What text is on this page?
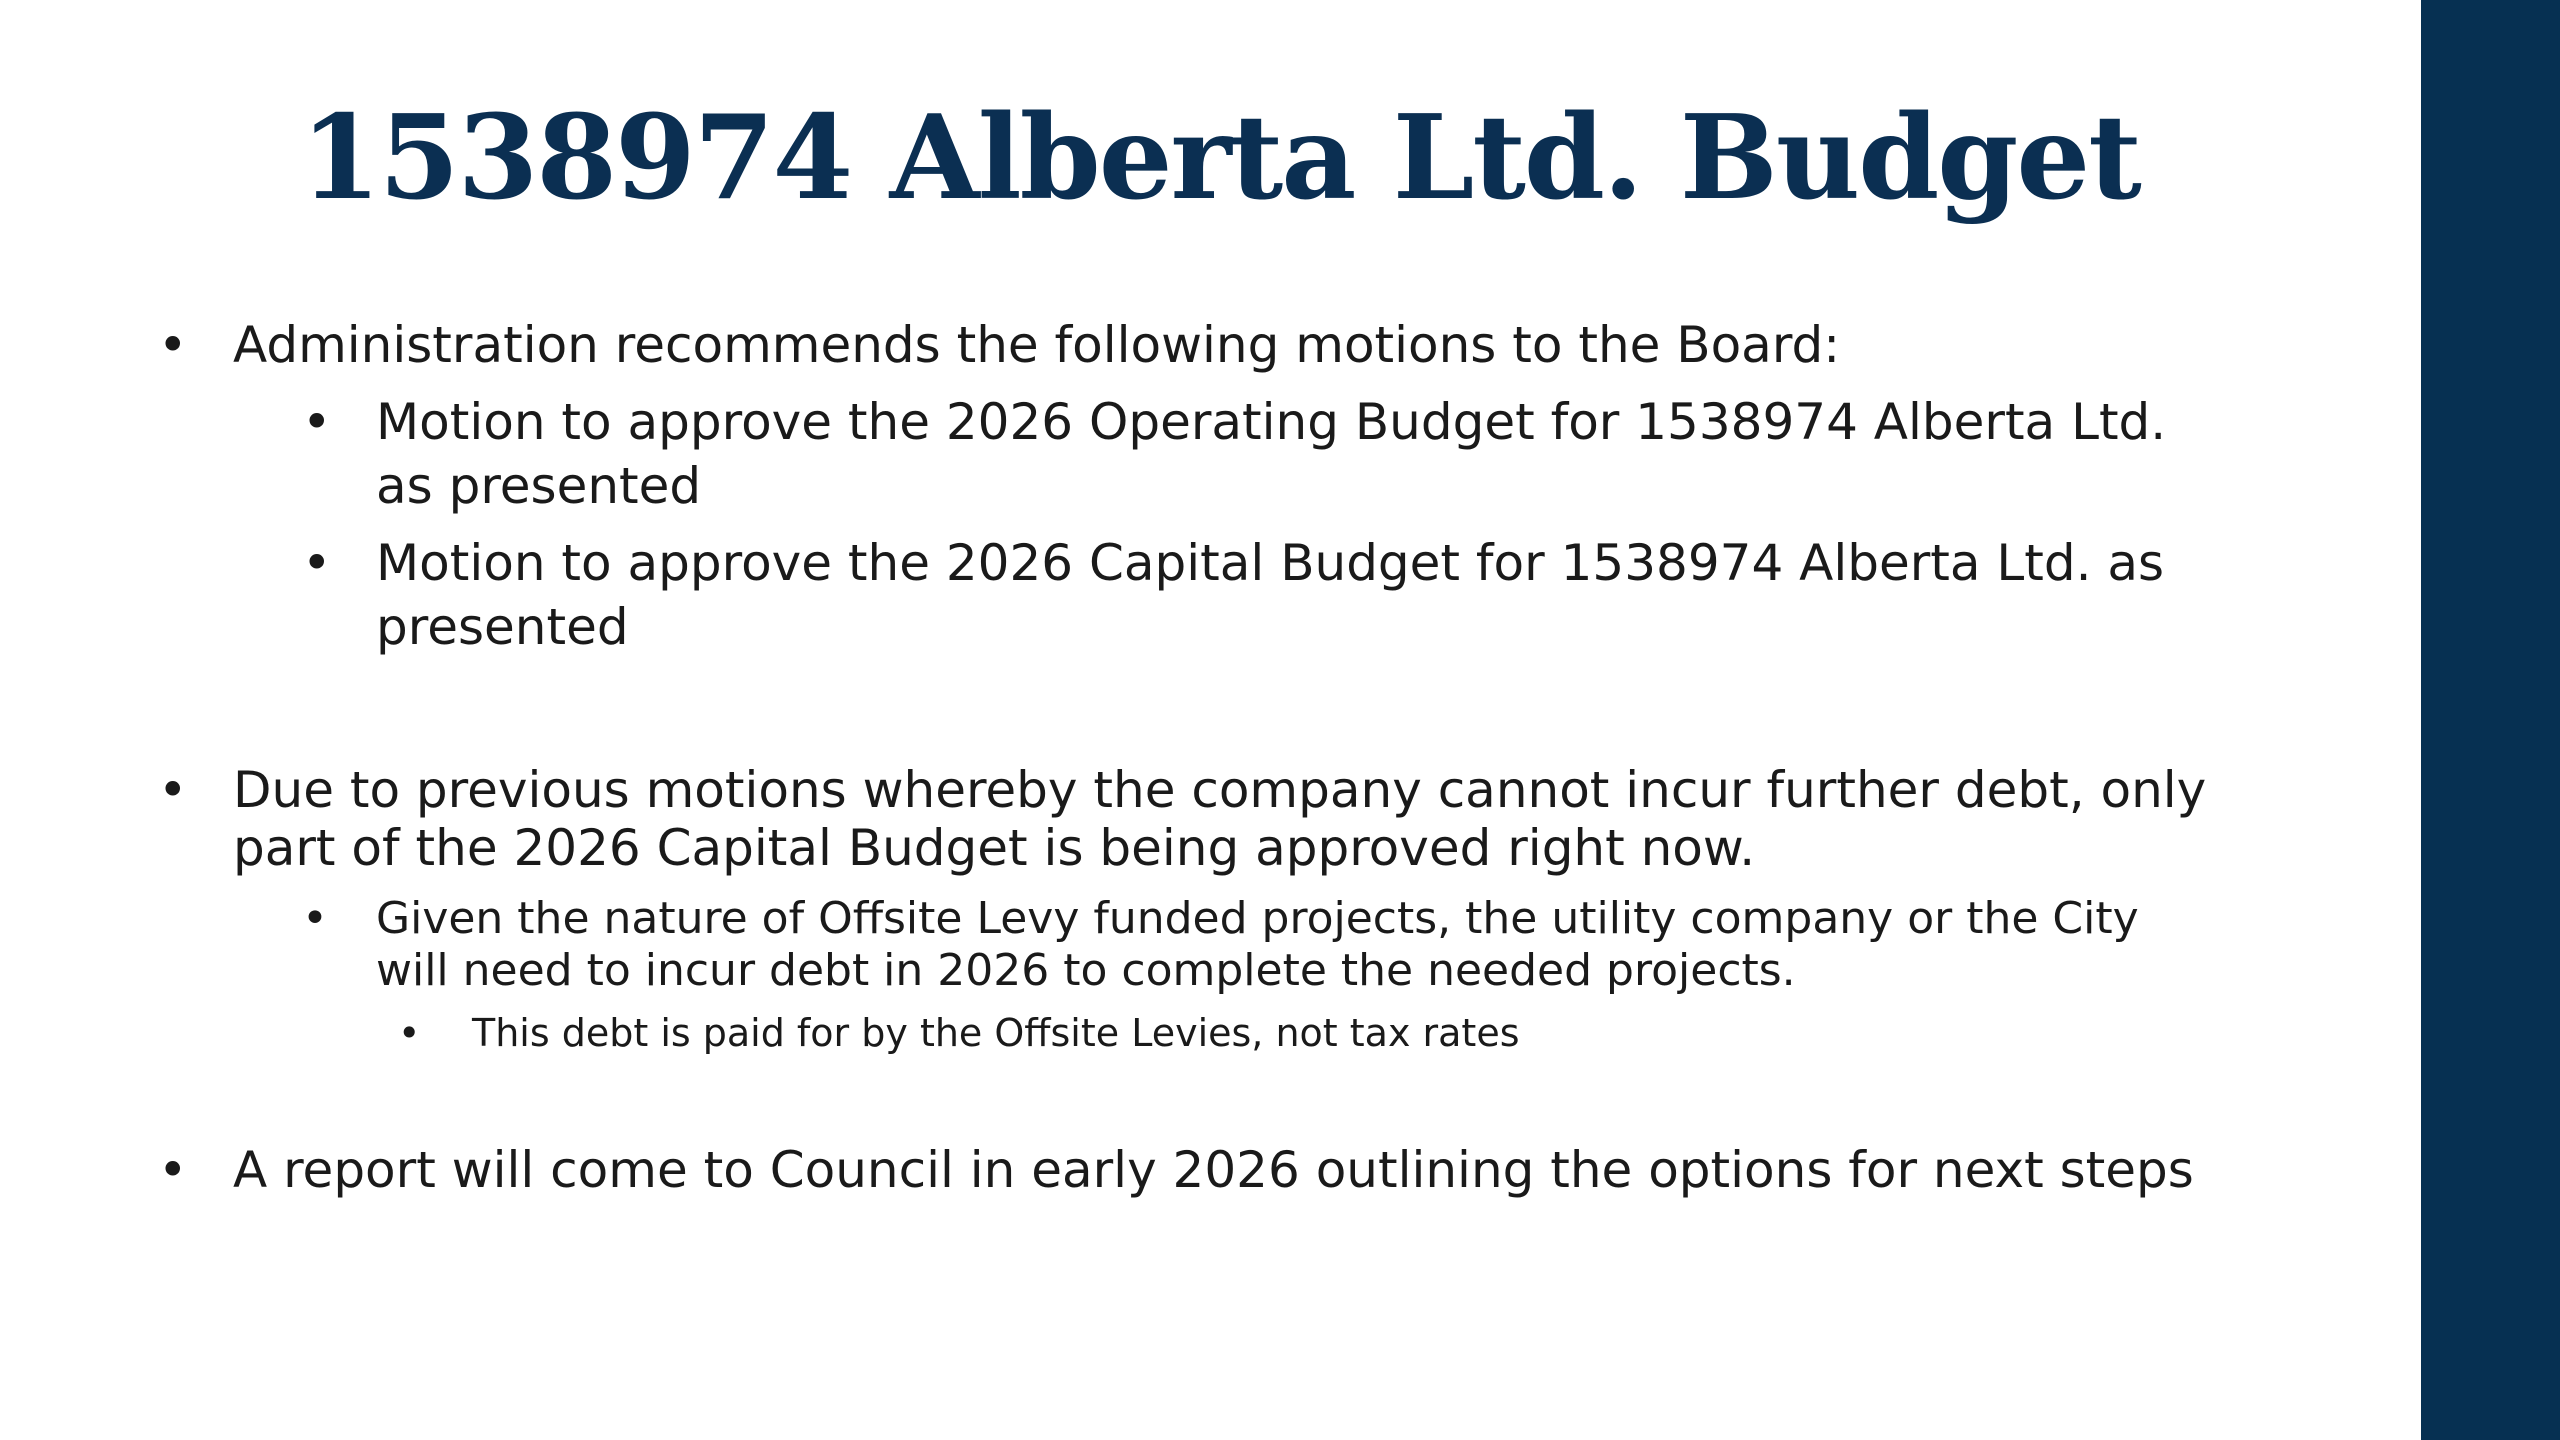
1538974 Alberta Ltd. Budget
• Administration recommends the following motions to the Board:
• Motion to approve the 2026 Operating Budget for 1538974 Alberta Ltd. as presented
• Motion to approve the 2026 Capital Budget for 1538974 Alberta Ltd. as presented
• Due to previous motions whereby the company cannot incur further debt, only part of the 2026 Capital Budget is being approved right now.
• Given the nature of Offsite Levy funded projects, the utility company or the City will need to incur debt in 2026 to complete the needed projects.
• This debt is paid for by the Offsite Levies, not tax rates
• A report will come to Council in early 2026 outlining the options for next steps
